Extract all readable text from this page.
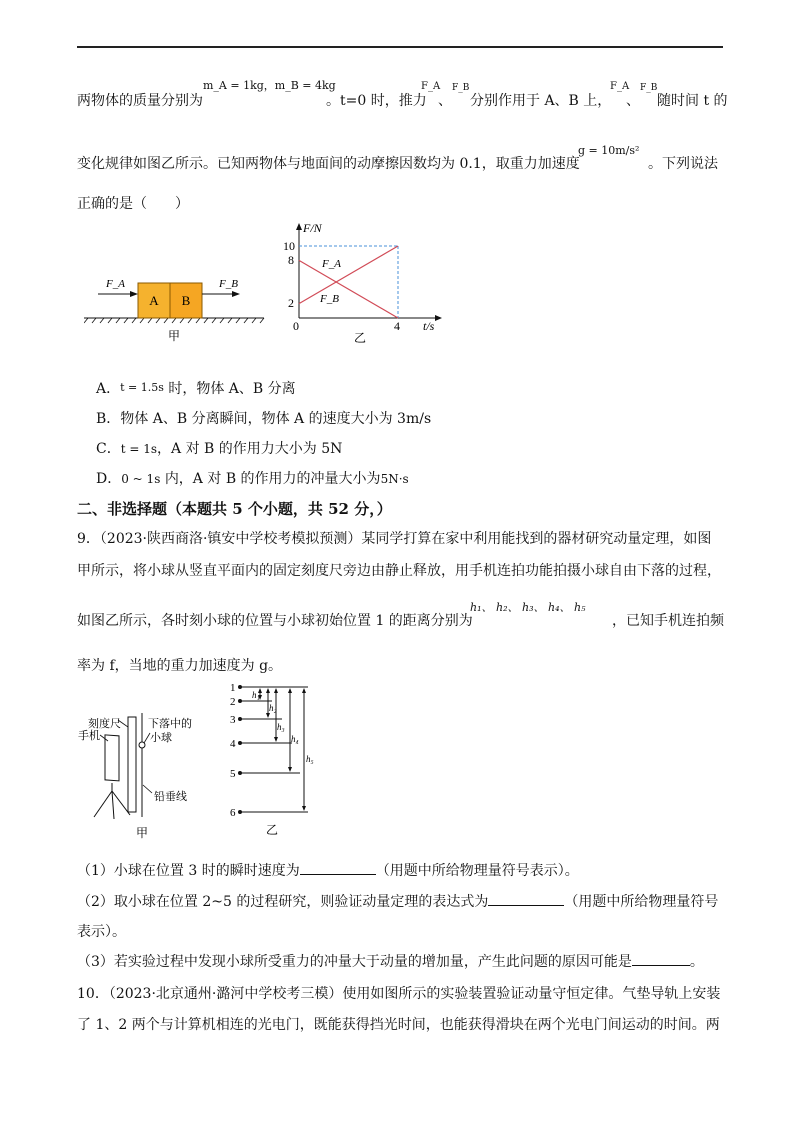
两物体的质量分别为
m_A = 1kg，m_B = 4kg
。t=0 时，推力
F_A
、
F_B
分别作用于 A、B 上，
F_A
、
F_B
随时间 t 的
变化规律如图乙所示。已知两物体与地面间的动摩擦因数均为 0.1，取重力加速度
g = 10m/s²
。下列说法
正确的是（　　）
A B
F_A	F_B
甲
F/N
t/s
10
8
2
0	4
F_A
F_B
乙
A．t = 1.5s 时，物体 A、B 分离
B．物体 A、B 分离瞬间，物体 A 的速度大小为 3m/s
C．t = 1s，A 对 B 的作用力大小为 5N
D．0 ~ 1s 内，A 对 B 的作用力的冲量大小为5N·s
二、非选择题（本题共 5 个小题，共 52 分，）
9．（2023·陕西商洛·镇安中学校考模拟预测）某同学打算在家中利用能找到的器材研究动量定理，如图
甲所示，将小球从竖直平面内的固定刻度尺旁边由静止释放，用手机连拍功能拍摄小球自由下落的过程，
如图乙所示，各时刻小球的位置与小球初始位置 1 的距离分别为
h₁、 h₂、 h₃、 h₄、 h₅
，已知手机连拍频
率为 f，当地的重力加速度为 g。
刻度尺
手机
下落中的
小球
铅垂线
甲
1
2
3
4
5
6
h₁
h₂
h₃
h₄
h₅
乙
（1）小球在位置 3 时的瞬时速度为	（用题中所给物理量符号表示）。
（2）取小球在位置 2~5 的过程研究，则验证动量定理的表达式为	（用题中所给物理量符号
表示）。
（3）若实验过程中发现小球所受重力的冲量大于动量的增加量，产生此问题的原因可能是	。
10．（2023·北京通州·潞河中学校考三模）使用如图所示的实验装置验证动量守恒定律。气垫导轨上安装
了 1、2 两个与计算机相连的光电门，既能获得挡光时间，也能获得滑块在两个光电门间运动的时间。两
